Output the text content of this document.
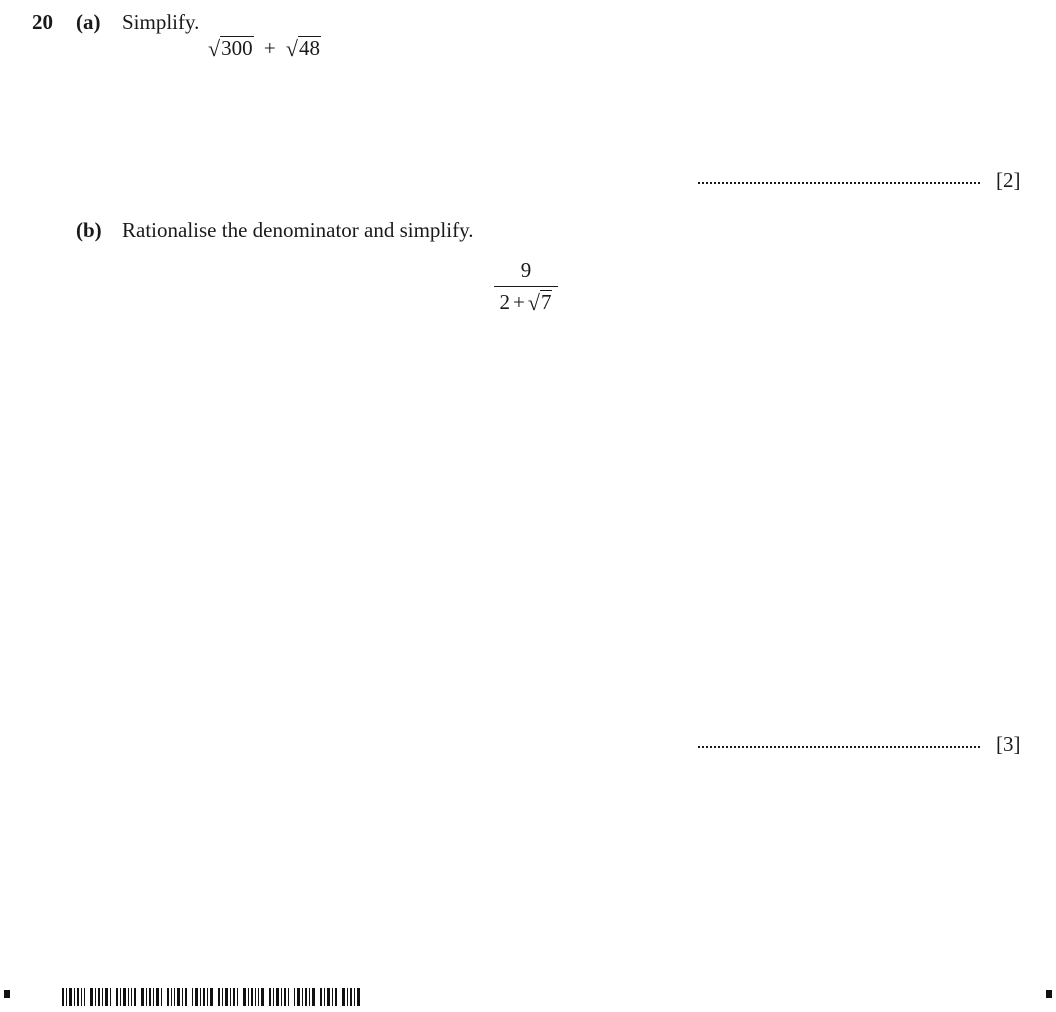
20 (a) Simplify.
√300 + √48
[2]
(b) Rationalise the denominator and simplify.
9
2 + √7
[3]
